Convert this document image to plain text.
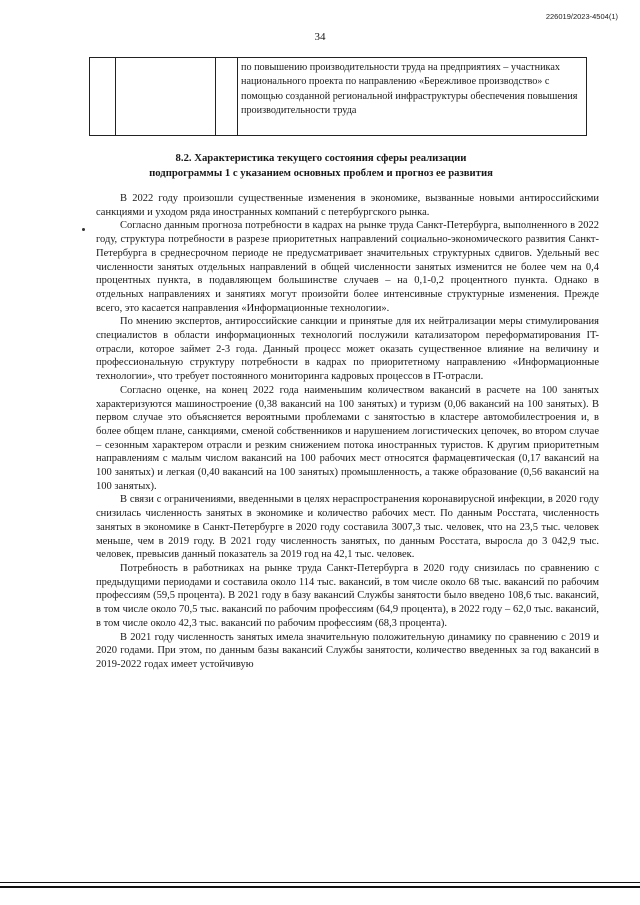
226019/2023-4504(1)
34
			по повышению производительности труда на предприятиях – участниках национального проекта по направлению «Бережливое производство» с помощью созданной региональной инфраструктуры обеспечения повышения производительности труда
8.2. Характеристика текущего состояния сферы реализации
подпрограммы 1 с указанием основных проблем и прогноз ее развития

В 2022 году произошли существенные изменения в экономике, вызванные новыми антироссийскими санкциями и уходом ряда иностранных компаний с петербургского рынка.

Согласно данным прогноза потребности в кадрах на рынке труда Санкт-Петербурга, выполненного в 2022 году, структура потребности в разрезе приоритетных направлений социально-экономического развития Санкт-Петербурга в среднесрочном периоде не предусматривает значительных структурных сдвигов. Удельный вес численности занятых отдельных направлений в общей численности занятых изменится не более чем на 0,4 процентных пункта, в подавляющем большинстве случаев – на 0,1-0,2 процентного пункта. Однако в отдельных направлениях и занятиях могут произойти более интенсивные структурные изменения. Прежде всего, это касается направления «Информационные технологии».

По мнению экспертов, антироссийские санкции и принятые для их нейтрализации меры стимулирования специалистов в области информационных технологий послужили катализатором переформатирования IT-отрасли, которое займет 2-3 года. Данный процесс может оказать существенное влияние на величину и профессиональную структуру потребности в кадрах по приоритетному направлению «Информационные технологии», что требует постоянного мониторинга кадровых процессов в IT-отрасли.

Согласно оценке, на конец 2022 года наименьшим количеством вакансий в расчете на 100 занятых характеризуются машиностроение (0,38 вакансий на 100 занятых) и туризм (0,06 вакансий на 100 занятых). В первом случае это объясняется вероятными проблемами с занятостью в кластере автомобилестроения и, в более общем плане, санкциями, сменой собственников и нарушением логистических цепочек, во втором случае – сезонным характером отрасли и резким снижением потока иностранных туристов. К другим приоритетным направлениям с малым числом вакансий на 100 рабочих мест относятся фармацевтическая (0,17 вакансий на 100 занятых) и легкая (0,40 вакансий на 100 занятых) промышленность, а также образование (0,56 вакансий на 100 занятых).

В связи с ограничениями, введенными в целях нераспространения коронавирусной инфекции, в 2020 году снизилась численность занятых в экономике и количество рабочих мест. По данным Росстата, численность занятых в экономике в Санкт-Петербурге в 2020 году составила 3007,3 тыс. человек, что на 23,5 тыс. человек меньше, чем в 2019 году. В 2021 году численность занятых, по данным Росстата, выросла до 3 042,9 тыс. человек, превысив данный показатель за 2019 год на 42,1 тыс. человек.

Потребность в работниках на рынке труда Санкт-Петербурга в 2020 году снизилась по сравнению с предыдущими периодами и составила около 114 тыс. вакансий, в том числе около 68 тыс. вакансий по рабочим профессиям (59,5 процента). В 2021 году в базу вакансий Службы занятости было введено 108,6 тыс. вакансий, в том числе около 70,5 тыс. вакансий по рабочим профессиям (64,9 процента), в 2022 году – 62,0 тыс. вакансий, в том числе около 42,3 тыс. вакансий по рабочим профессиям (68,3 процента).

В 2021 году численность занятых имела значительную положительную динамику по сравнению с 2019 и 2020 годами. При этом, по данным базы вакансий Службы занятости, количество введенных за год вакансий в 2019-2022 годах имеет устойчивую
